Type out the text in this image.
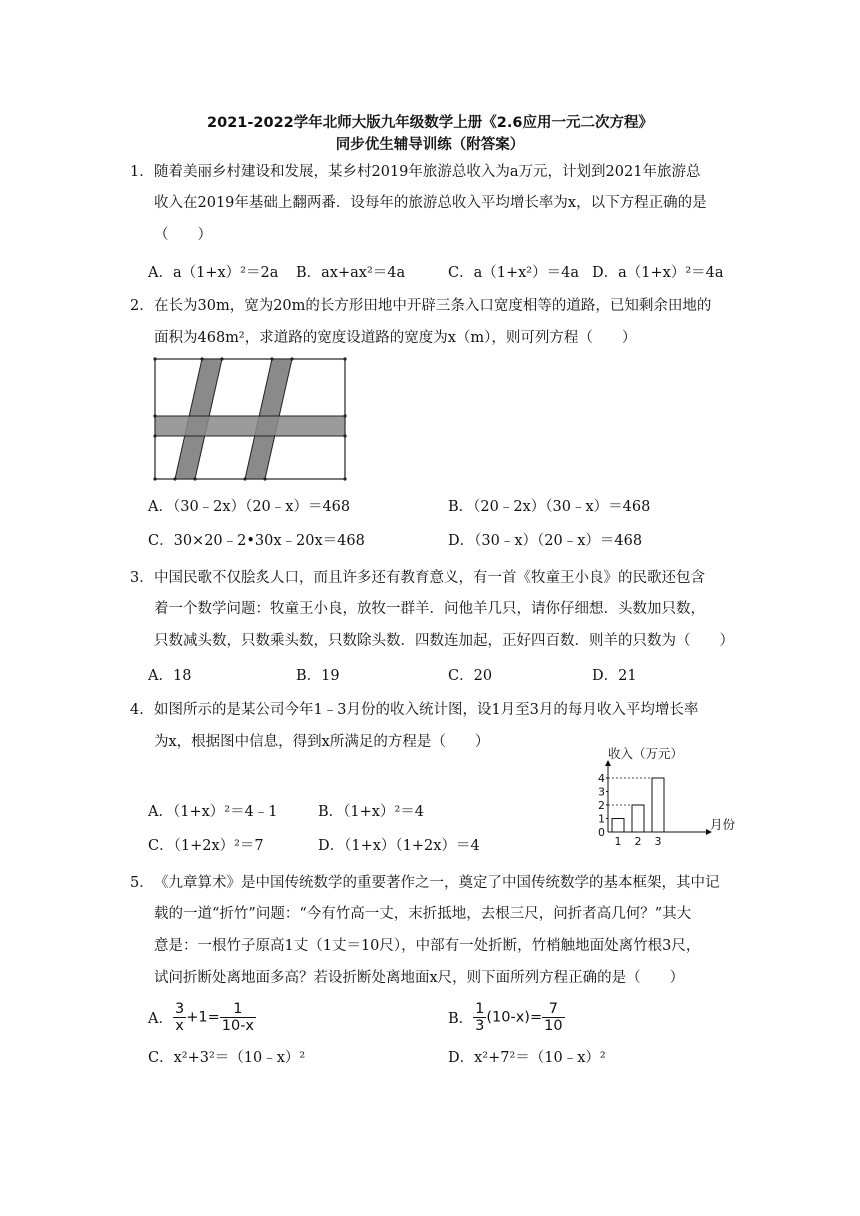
2021-2022学年北师大版九年级数学上册《2.6应用一元二次方程》
同步优生辅导训练（附答案）
1． 随着美丽乡村建设和发展，某乡村2019年旅游总收入为a万元，计划到2021年旅游总
收入在2019年基础上翻两番．设每年的旅游总收入平均增长率为x，以下方程正确的是
（　　）
A．a（1+x）²＝2a B．ax+ax²＝4a	C．a（1+x²）＝4a D．a（1+x）²＝4a
2． 在长为30m，宽为20m的长方形田地中开辟三条入口宽度相等的道路，已知剩余田地的
面积为468m²，求道路的宽度设道路的宽度为x（m），则可列方程（　　）
A．（30﹣2x）（20﹣x）＝468	B．（20﹣2x）（30﹣x）＝468
C．30×20﹣2•30x﹣20x＝468	D．（30﹣x）（20﹣x）＝468
3． 中国民歌不仅脍炙人口，而且许多还有教育意义，有一首《牧童王小良》的民歌还包含
着一个数学问题：牧童王小良，放牧一群羊．问他羊几只，请你仔细想．头数加只数，
只数减头数，只数乘头数，只数除头数．四数连加起，正好四百数．则羊的只数为（　　）
A．18	B．19	C．20	D．21
4． 如图所示的是某公司今年1﹣3月份的收入统计图，设1月至3月的每月收入平均增长率
为x，根据图中信息，得到x所满足的方程是（　　）
A．（1+x）²＝4﹣1	B．（1+x）²＝4
C．（1+2x）²＝7	D．（1+x）（1+2x）＝4
收入（万元）
月份
0
1
2
3
4
1 2 3
5． 《九章算术》是中国传统数学的重要著作之一，奠定了中国传统数学的基本框架，其中记
载的一道“折竹”问题：“今有竹高一丈，末折抵地，去根三尺，问折者高几何？”其大
意是：一根竹子原高1丈（1丈＝10尺），中部有一处折断，竹梢触地面处离竹根3尺，
试问折断处离地面多高？若设折断处离地面x尺，则下面所列方程正确的是（　　）
A． $\frac{3}{x} +1= \frac{1}{10-x}$	B． $\frac{1}{3} (10-x)= \frac{7}{10}$
C．x²+3²＝（10﹣x）²	D．x²+7²＝（10﹣x）²
